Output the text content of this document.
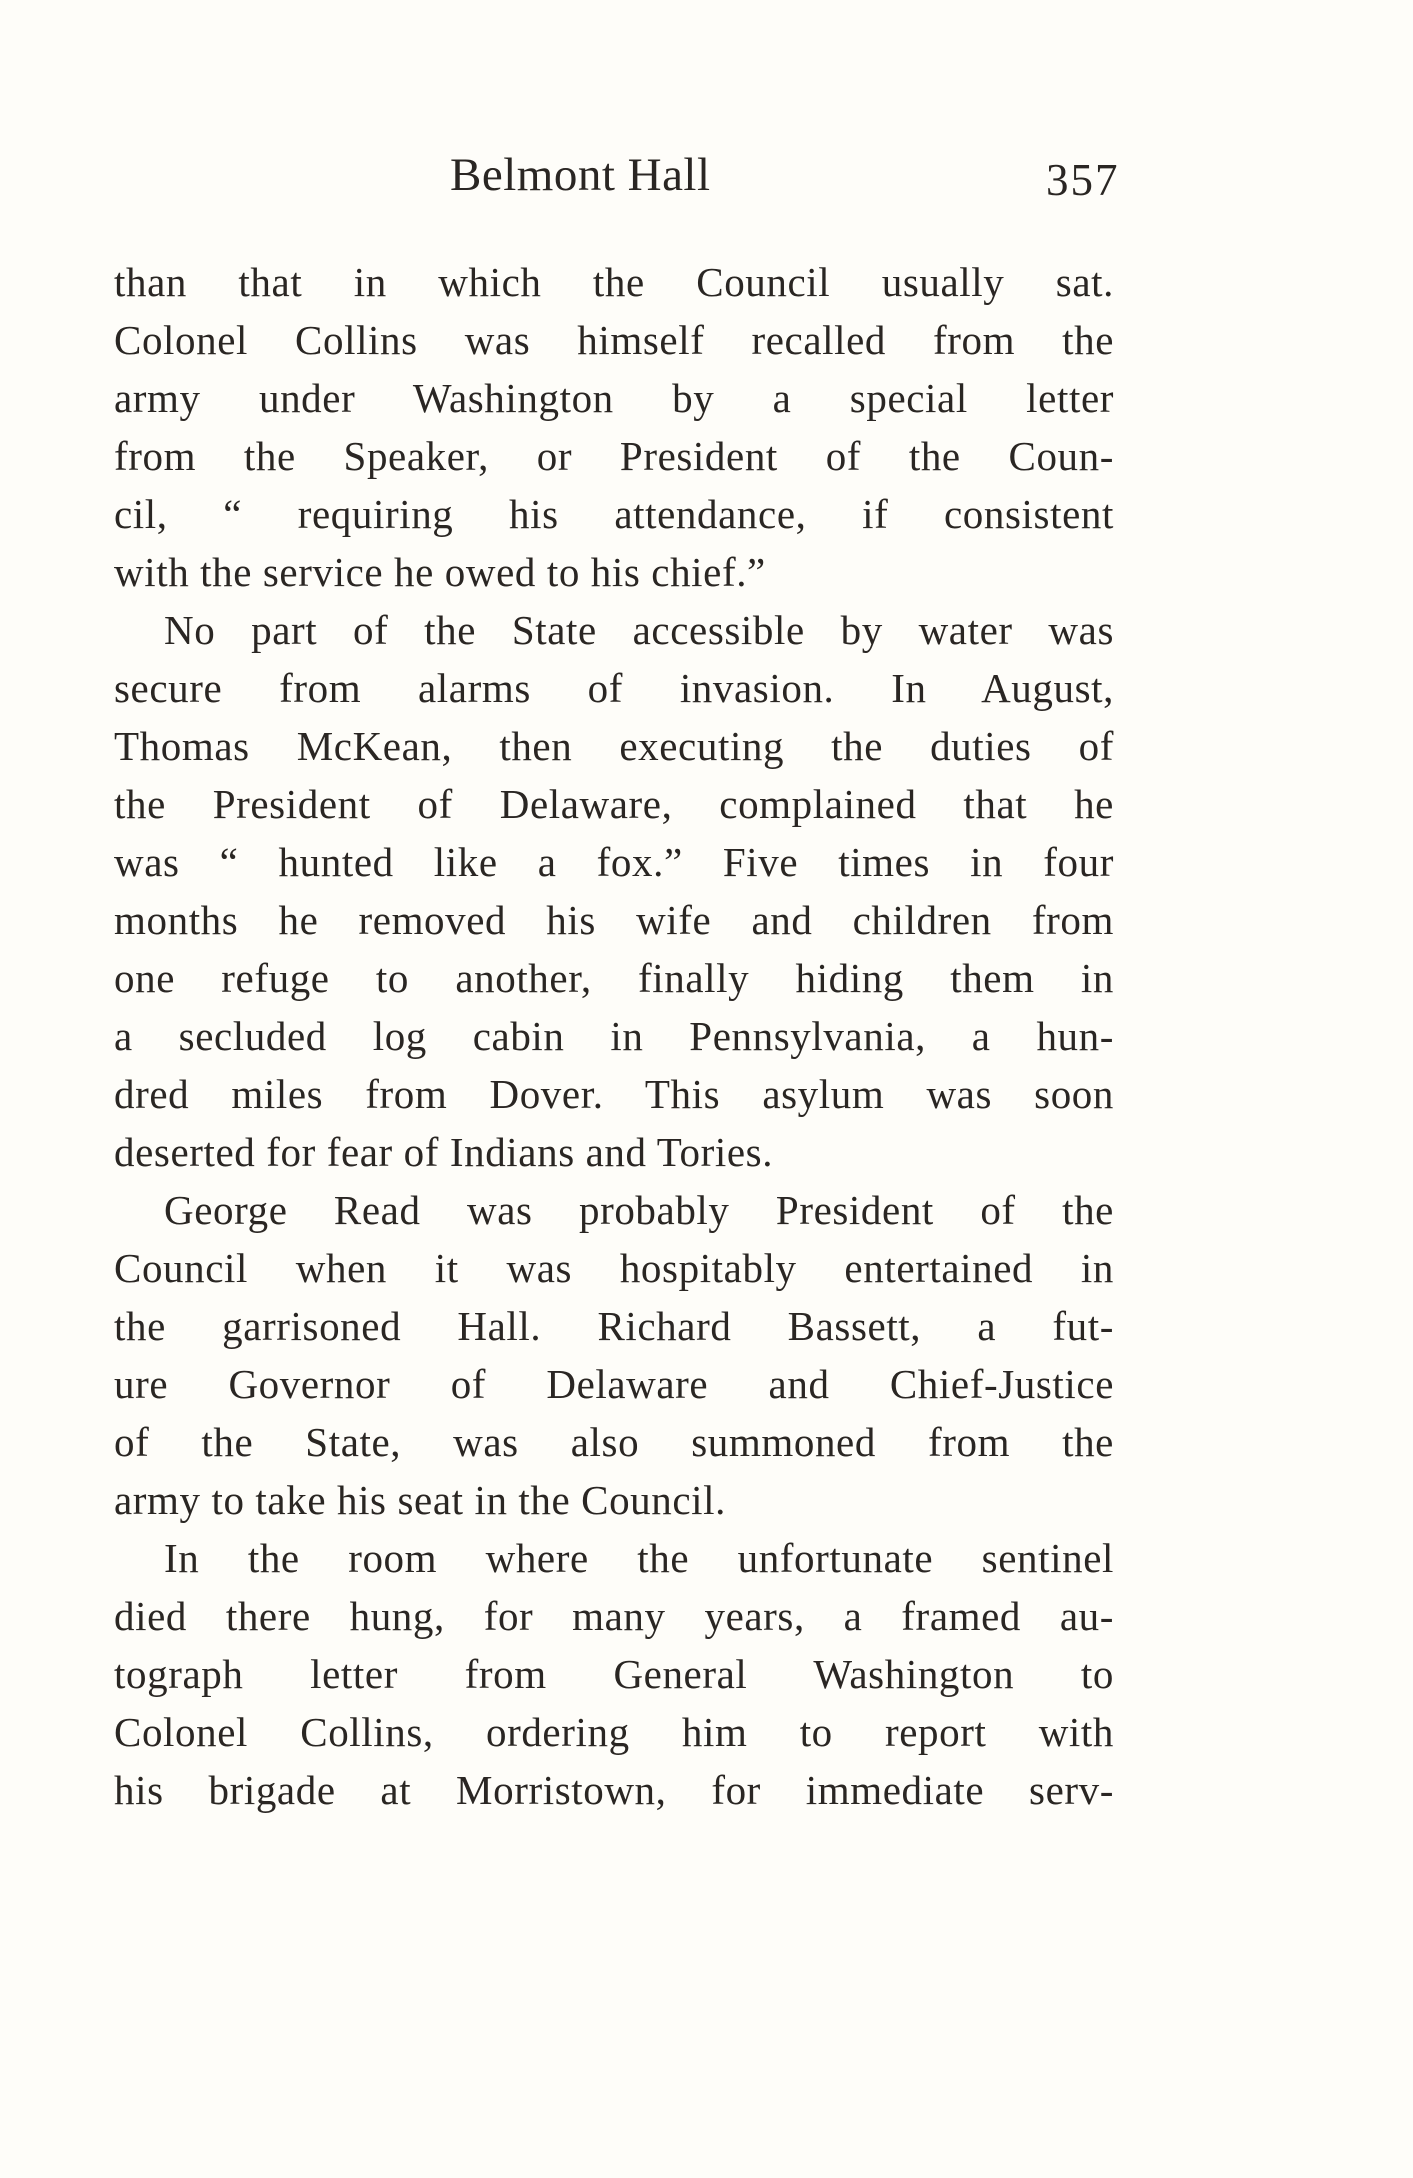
Belmont Hall	357
than that in which the Council usually sat.
Colonel Collins was himself recalled from the
army under Washington by a special letter
from the Speaker, or President of the Coun-
cil, “ requiring his attendance, if consistent
with the service he owed to his chief.”
No part of the State accessible by water was
secure from alarms of invasion. In August,
Thomas McKean, then executing the duties of
the President of Delaware, complained that he
was “ hunted like a fox.” Five times in four
months he removed his wife and children from
one refuge to another, finally hiding them in
a secluded log cabin in Pennsylvania, a hun-
dred miles from Dover. This asylum was soon
deserted for fear of Indians and Tories.
George Read was probably President of the
Council when it was hospitably entertained in
the garrisoned Hall. Richard Bassett, a fut-
ure Governor of Delaware and Chief-Justice
of the State, was also summoned from the
army to take his seat in the Council.
In the room where the unfortunate sentinel
died there hung, for many years, a framed au-
tograph letter from General Washington to
Colonel Collins, ordering him to report with
his brigade at Morristown, for immediate serv-
